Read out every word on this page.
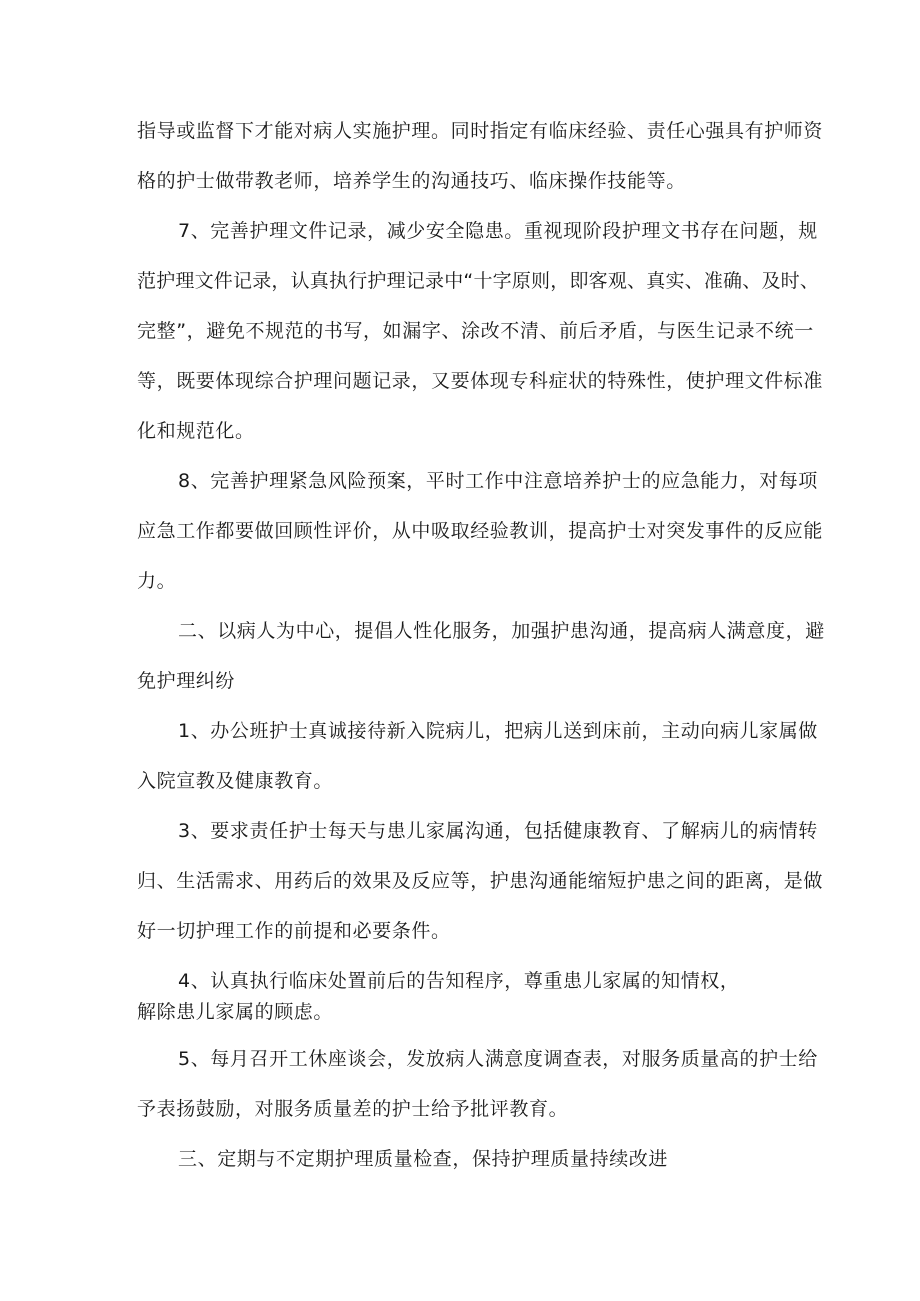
指导或监督下才能对病人实施护理。同时指定有临床经验、责任心强具有护师资
格的护士做带教老师，培养学生的沟通技巧、临床操作技能等。
7、完善护理文件记录，减少安全隐患。重视现阶段护理文书存在问题，规
范护理文件记录，认真执行护理记录中“十字原则，即客观、真实、准确、及时、
完整”，避免不规范的书写，如漏字、涂改不清、前后矛盾，与医生记录不统一
等，既要体现综合护理问题记录，又要体现专科症状的特殊性，使护理文件标准
化和规范化。
8、完善护理紧急风险预案，平时工作中注意培养护士的应急能力，对每项
应急工作都要做回顾性评价，从中吸取经验教训，提高护士对突发事件的反应能
力。
二、以病人为中心，提倡人性化服务，加强护患沟通，提高病人满意度，避
免护理纠纷
1、办公班护士真诚接待新入院病儿，把病儿送到床前，主动向病儿家属做
入院宣教及健康教育。
3、要求责任护士每天与患儿家属沟通，包括健康教育、了解病儿的病情转
归、生活需求、用药后的效果及反应等，护患沟通能缩短护患之间的距离，是做
好一切护理工作的前提和必要条件。
4、认真执行临床处置前后的告知程序，尊重患儿家属的知情权，
解除患儿家属的顾虑。
5、每月召开工休座谈会，发放病人满意度调查表，对服务质量高的护士给
予表扬鼓励，对服务质量差的护士给予批评教育。
三、定期与不定期护理质量检查，保持护理质量持续改进
